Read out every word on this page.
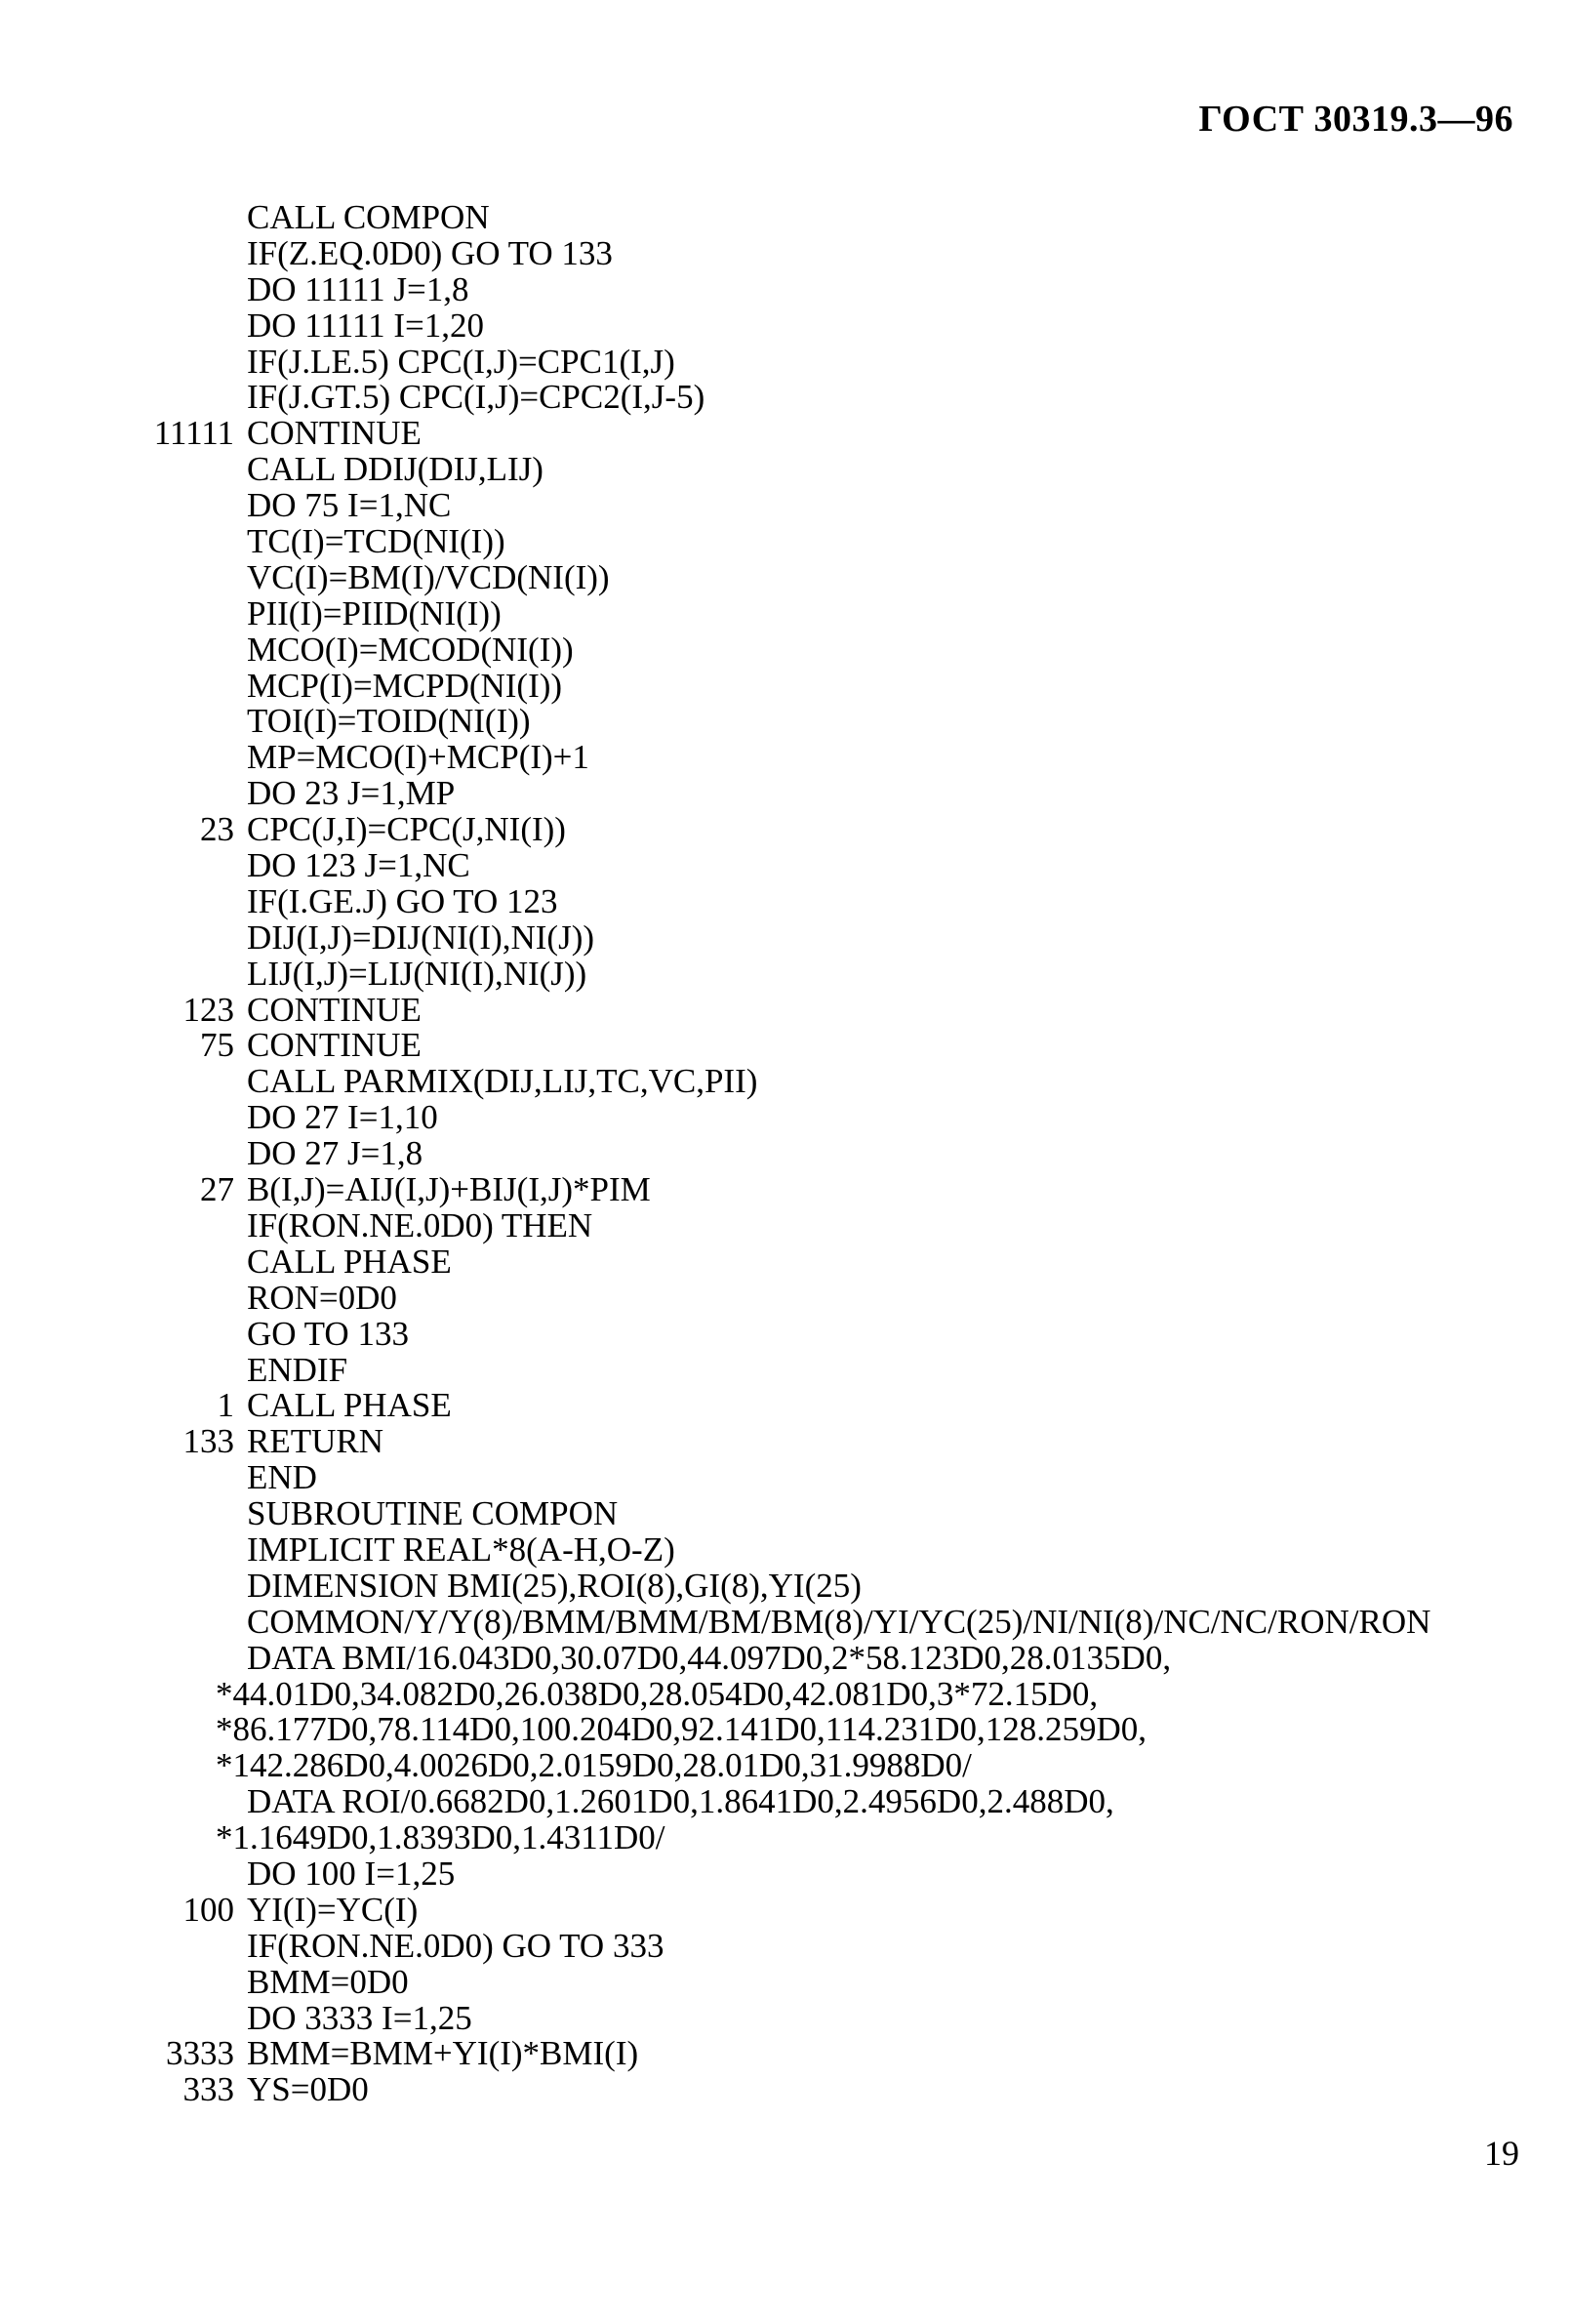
ГОСТ 30319.3—96
CALL COMPON
IF(Z.EQ.0D0) GO TO 133
DO 11111 J=1,8
DO 11111 I=1,20
IF(J.LE.5) CPC(I,J)=CPC1(I,J)
IF(J.GT.5) CPC(I,J)=CPC2(I,J-5)
11111 CONTINUE
CALL DDIJ(DIJ,LIJ)
DO 75 I=1,NC
TC(I)=TCD(NI(I))
VC(I)=BM(I)/VCD(NI(I))
PII(I)=PIID(NI(I))
MCO(I)=MCOD(NI(I))
MCP(I)=MCPD(NI(I))
TOI(I)=TOID(NI(I))
MP=MCO(I)+MCP(I)+1
DO 23 J=1,MP
23 CPC(J,I)=CPC(J,NI(I))
DO 123 J=1,NC
IF(I.GE.J) GO TO 123
DIJ(I,J)=DIJ(NI(I),NI(J))
LIJ(I,J)=LIJ(NI(I),NI(J))
123 CONTINUE
75 CONTINUE
CALL PARMIX(DIJ,LIJ,TC,VC,PII)
DO 27 I=1,10
DO 27 J=1,8
27 B(I,J)=AIJ(I,J)+BIJ(I,J)*PIM
IF(RON.NE.0D0) THEN
CALL PHASE
RON=0D0
GO TO 133
ENDIF
1 CALL PHASE
133 RETURN
END
SUBROUTINE COMPON
IMPLICIT REAL*8(A-H,O-Z)
DIMENSION BMI(25),ROI(8),GI(8),YI(25)
COMMON/Y/Y(8)/BMM/BMM/BM/BM(8)/YI/YC(25)/NI/NI(8)/NC/NC/RON/RON
DATA BMI/16.043D0,30.07D0,44.097D0,2*58.123D0,28.0135D0,
*44.01D0,34.082D0,26.038D0,28.054D0,42.081D0,3*72.15D0,
*86.177D0,78.114D0,100.204D0,92.141D0,114.231D0,128.259D0,
*142.286D0,4.0026D0,2.0159D0,28.01D0,31.9988D0/
DATA ROI/0.6682D0,1.2601D0,1.8641D0,2.4956D0,2.488D0,
*1.1649D0,1.8393D0,1.4311D0/
DO 100 I=1,25
100 YI(I)=YC(I)
IF(RON.NE.0D0) GO TO 333
BMM=0D0
DO 3333 I=1,25
3333 BMM=BMM+YI(I)*BMI(I)
333 YS=0D0
19
